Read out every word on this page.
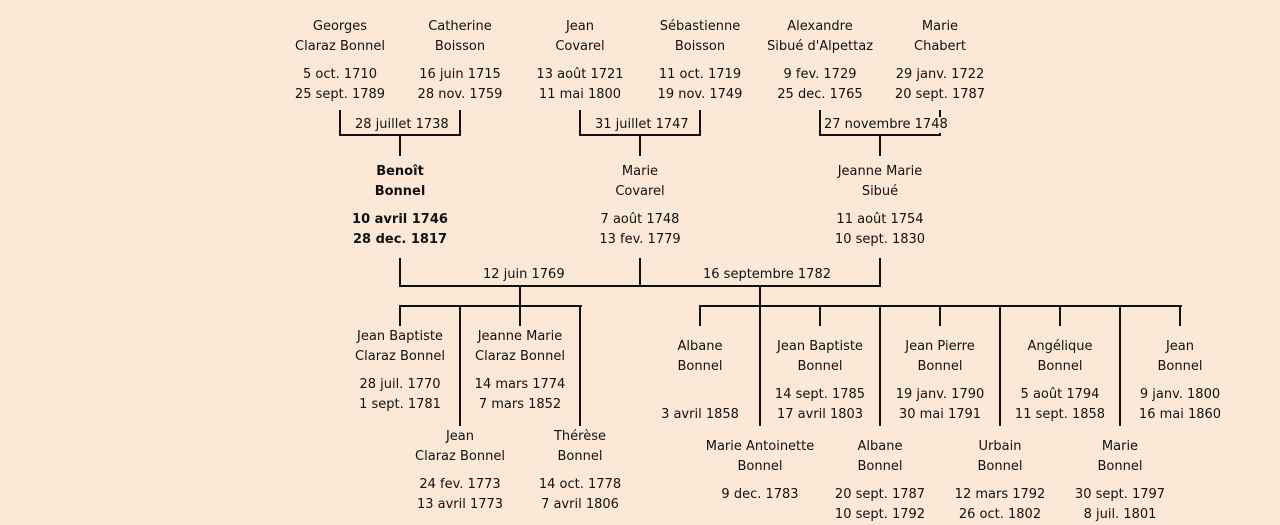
Georges
Claraz Bonnel
5 oct. 1710
25 sept. 1789
Catherine
Boisson
16 juin 1715
28 nov. 1759
Jean
Covarel
13 août 1721
11 mai 1800
Sébastienne
Boisson
11 oct. 1719
19 nov. 1749
Alexandre
Sibué d'Alpettaz
9 fev. 1729
25 dec. 1765
Marie
Chabert
29 janv. 1722
20 sept. 1787
28 juillet 1738	31 juillet 1747	27 novembre 1748
Benoît
Bonnel
10 avril 1746
28 dec. 1817
Marie
Covarel
7 août 1748
13 fev. 1779
Jeanne Marie
Sibué
11 août 1754
10 sept. 1830
12 juin 1769	16 septembre 1782
Jean Baptiste
Claraz Bonnel
28 juil. 1770
1 sept. 1781
Jean
Claraz Bonnel
24 fev. 1773
13 avril 1773
Jeanne Marie
Claraz Bonnel
14 mars 1774
7 mars 1852
Thérèse
Bonnel
14 oct. 1778
7 avril 1806
Albane
Bonnel

3 avril 1858
Marie Antoinette
Bonnel
9 dec. 1783

Jean Baptiste
Bonnel
14 sept. 1785
17 avril 1803
Albane
Bonnel
20 sept. 1787
10 sept. 1792
Jean Pierre
Bonnel
19 janv. 1790
30 mai 1791
Urbain
Bonnel
12 mars 1792
26 oct. 1802
Angélique
Bonnel
5 août 1794
11 sept. 1858
Marie
Bonnel
30 sept. 1797
8 juil. 1801
Jean
Bonnel
9 janv. 1800
16 mai 1860
